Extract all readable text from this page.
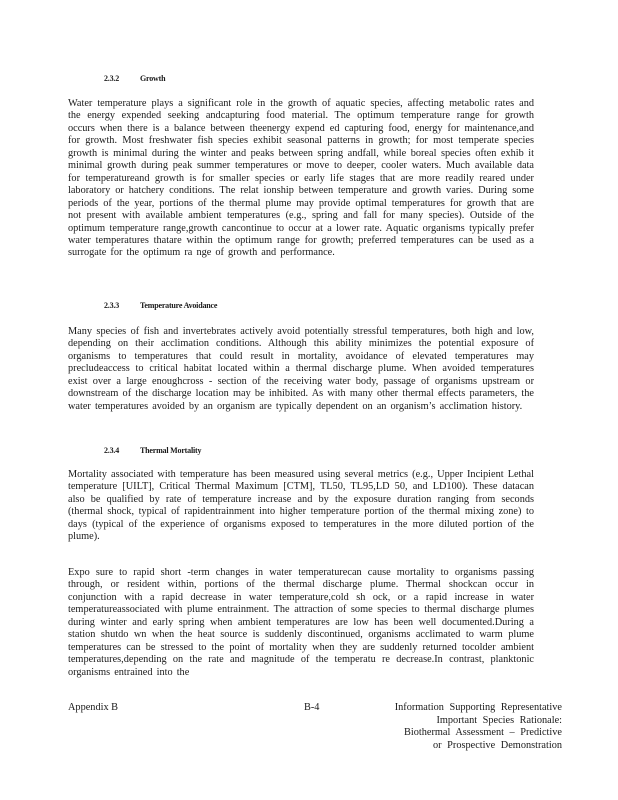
2.3.2	Growth

Water temperature plays a significant role in the growth of aquatic species, affecting metabolic rates and the energy expended seeking andcapturing food material. The optimum temperature range for growth occurs when there is a balance between theenergy expend ed capturing food, energy for maintenance,and for growth. Most freshwater fish species exhibit seasonal patterns in growth; for most temperate species growth is minimal during the winter and peaks between spring andfall, while boreal species often exhib it minimal growth during peak summer temperatures or move to deeper, cooler waters. Much available data for temperatureand growth is for smaller species or early life stages that are more readily reared under laboratory or hatchery conditions. The relat ionship between temperature and growth varies. During some periods of the year, portions of the thermal plume may provide optimal temperatures for growth that are not present with available ambient temperatures (e.g., spring and fall for many species). Outside of the optimum temperature range,growth cancontinue to occur at a lower rate. Aquatic organisms typically prefer water temperatures thatare within the optimum range for growth; preferred temperatures can be used as a surrogate for the optimum ra nge of growth and performance.

2.3.3	Temperature Avoidance

Many species of fish and invertebrates actively avoid potentially stressful temperatures, both high and low, depending on their acclimation conditions. Although this ability minimizes the potential exposure of organisms to temperatures that could result in mortality, avoidance of elevated temperatures may precludeaccess to critical habitat located within a thermal discharge plume. When avoided temperatures exist over a large enoughcross - section of the receiving water body, passage of organisms upstream or downstream of the discharge location may be inhibited. As with many other thermal effects parameters, the water temperatures avoided by an organism are typically dependent on an organism’s acclimation history.

2.3.4	Thermal Mortality

Mortality associated with temperature has been measured using several metrics (e.g., Upper Incipient Lethal temperature [UILT], Critical Thermal Maximum [CTM], TL50, TL95,LD 50, and LD100). These datacan also be qualified by rate of temperature increase and by the exposure duration ranging from seconds (thermal shock, typical of rapidentrainment into higher temperature portion of the thermal mixing zone) to days (typical of the experience of organisms exposed to temperatures in the more diluted portion of the plume).

Expo sure to rapid short -term changes in water temperaturecan cause mortality to organisms passing through, or resident within, portions of the thermal discharge plume. Thermal shockcan occur in conjunction with a rapid decrease in water temperature,cold sh ock, or a rapid increase in water temperatureassociated with plume entrainment. The attraction of some species to thermal discharge plumes during winter and early spring when ambient temperatures are low has been well documented.During a station shutdo wn when the heat source is suddenly discontinued, organisms acclimated to warm plume temperatures can be stressed to the point of mortality when they are suddenly returned tocolder ambient temperatures,depending on the rate and magnitude of the temperatu re decrease.In contrast, planktonic organisms entrained into the

Appendix B	B-4	Information Supporting Representative
Important Species Rationale:
Biothermal Assessment – Predictive
or Prospective Demonstration
